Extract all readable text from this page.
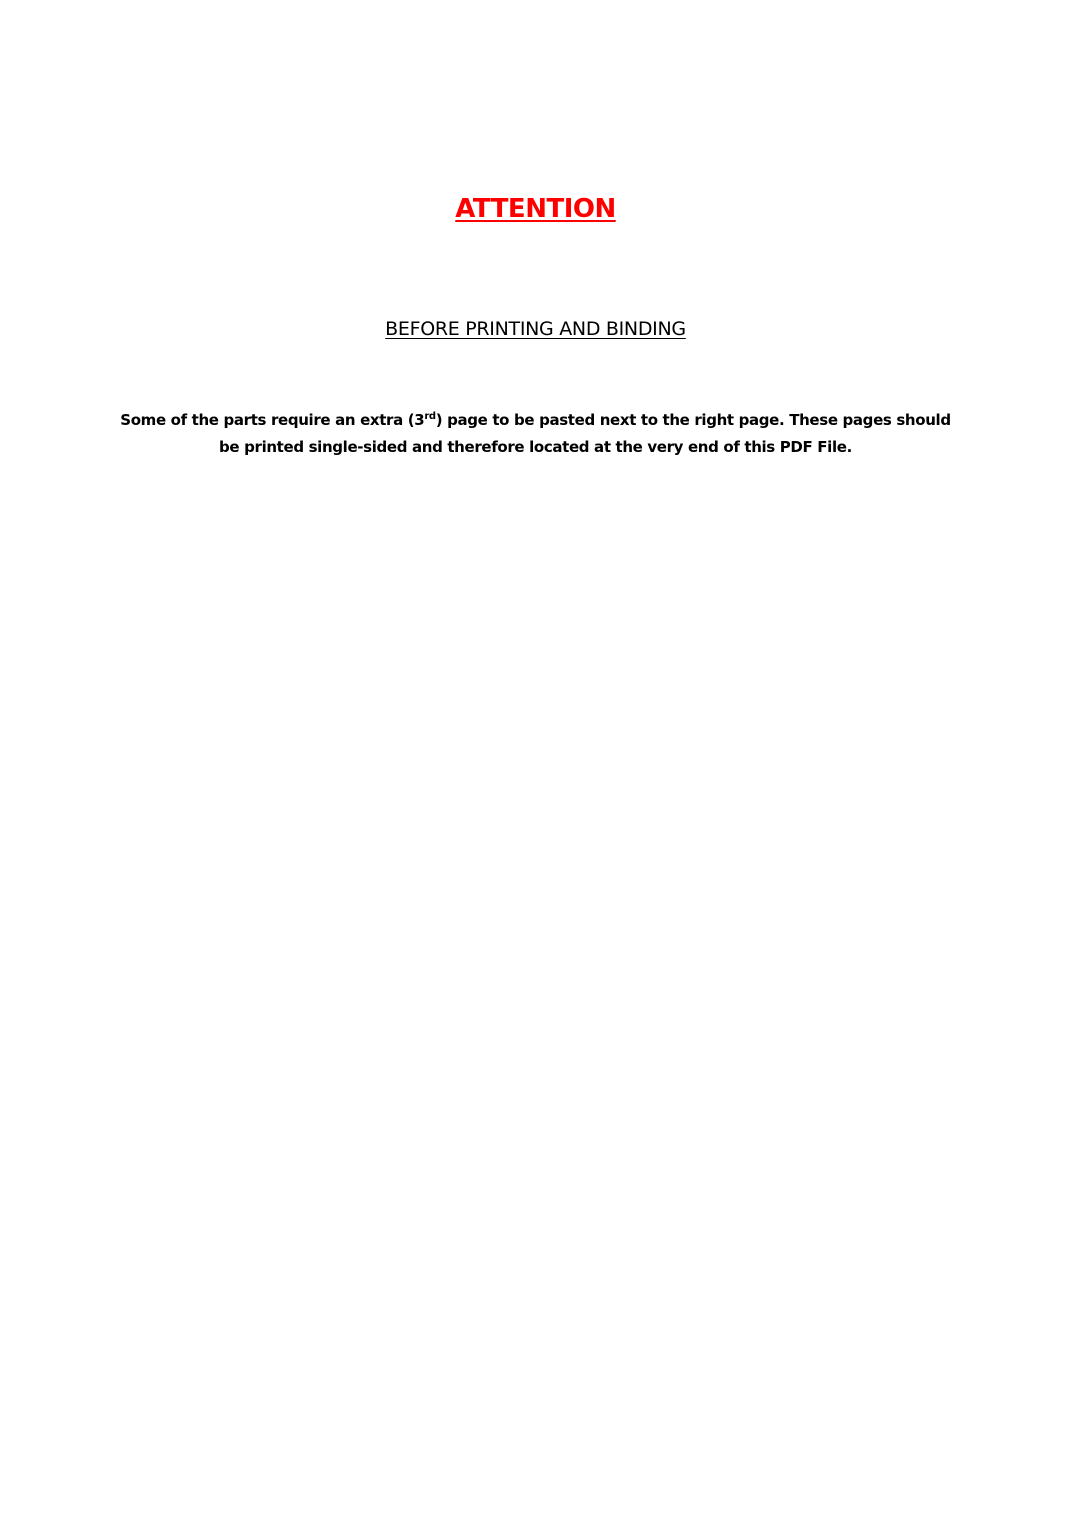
ATTENTION
BEFORE PRINTING AND BINDING
Some of the parts require an extra (3rd) page to be pasted next to the right page. These pages should be printed single-sided and therefore located at the very end of this PDF File.
